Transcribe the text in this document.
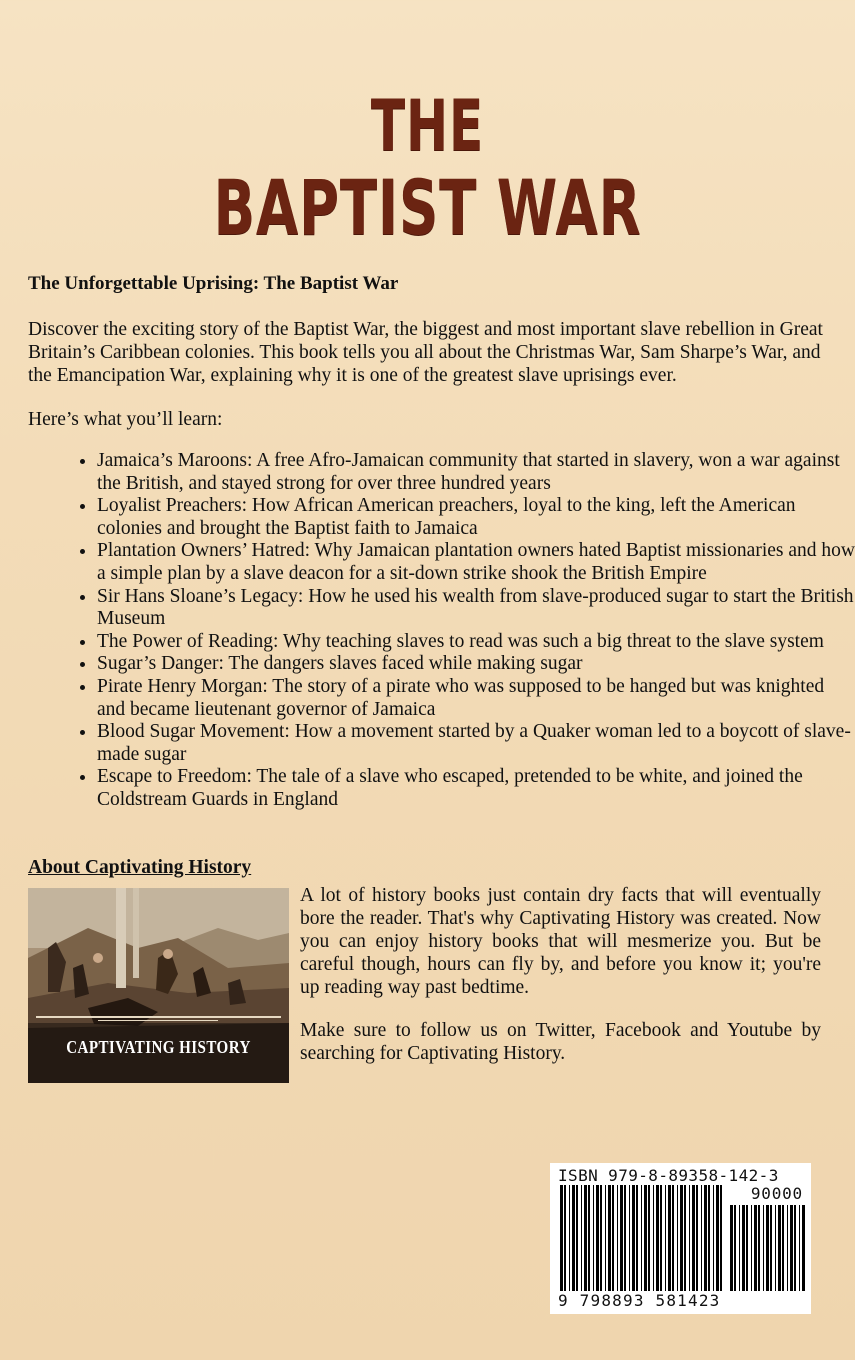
THE
BAPTIST WAR
The Unforgettable Uprising: The Baptist War

Discover the exciting story of the Baptist War, the biggest and most important slave rebellion in Great Britain’s Caribbean colonies. This book tells you all about the Christmas War, Sam Sharpe’s War, and the Emancipation War, explaining why it is one of the greatest slave uprisings ever.

Here’s what you’ll learn:
• Jamaica’s Maroons: A free Afro-Jamaican community that started in slavery, won a war against the British, and stayed strong for over three hundred years
• Loyalist Preachers: How African American preachers, loyal to the king, left the American colonies and brought the Baptist faith to Jamaica
• Plantation Owners’ Hatred: Why Jamaican plantation owners hated Baptist missionaries and how a simple plan by a slave deacon for a sit-down strike shook the British Empire
• Sir Hans Sloane’s Legacy: How he used his wealth from slave-produced sugar to start the British Museum
• The Power of Reading: Why teaching slaves to read was such a big threat to the slave system
• Sugar’s Danger: The dangers slaves faced while making sugar
• Pirate Henry Morgan: The story of a pirate who was supposed to be hanged but was knighted and became lieutenant governor of Jamaica
• Blood Sugar Movement: How a movement started by a Quaker woman led to a boycott of slave-made sugar
• Escape to Freedom: The tale of a slave who escaped, pretended to be white, and joined the Coldstream Guards in England
About Captivating History
CAPTIVATING HISTORY

A lot of history books just contain dry facts that will eventually bore the reader. That's why Captivating History was created. Now you can enjoy history books that will mesmerize you. But be careful though, hours can fly by, and before you know it; you're up reading way past bedtime.

Make sure to follow us on Twitter, Facebook and Youtube by searching for Captivating History.

ISBN 979-8-89358-142-3
90000
9 798893 581423
